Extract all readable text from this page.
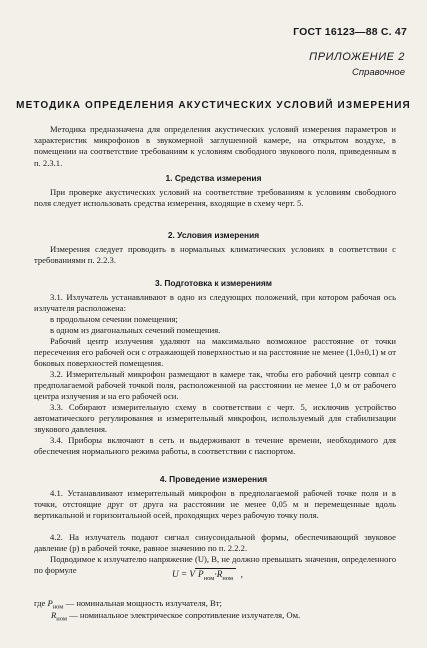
ГОСТ 16123—88 С. 47
ПРИЛОЖЕНИЕ 2
Справочное
МЕТОДИКА ОПРЕДЕЛЕНИЯ АКУСТИЧЕСКИХ УСЛОВИЙ ИЗМЕРЕНИЯ
Методика предназначена для определения акустических условий измерения параметров и характеристик микрофонов в звукомерной заглушенной камере, на открытом воздухе, в помещении на соответствие требованиям к условиям свободного звукового поля, приведенным в п. 2.3.1.
1. Средства измерения
При проверке акустических условий на соответствие требованиям к условиям свободного поля следует использовать средства измерения, входящие в схему черт. 5.
2. Условия измерения
Измерения следует проводить в нормальных климатических условиях в соответствии с требованиями п. 2.2.3.
3. Подготовка к измерениям
3.1. Излучатель устанавливают в одно из следующих положений, при котором рабочая ось излучателя расположена:
в продольном сечении помещения;
в одном из диагональных сечений помещения.
Рабочий центр излучения удаляют на максимально возможное расстояние от точки пересечения его рабочей оси с отражающей поверхностью и на расстояние не менее (1,0±0,1) м от боковых поверхностей помещения.
3.2. Измерительный микрофон размещают в камере так, чтобы его рабочий центр совпал с предполагаемой рабочей точкой поля, расположенной на расстоянии не менее 1,0 м от рабочего центра излучения и на его рабочей оси.
3.3. Собирают измерительную схему в соответствии с черт. 5, исключив устройство автоматического регулирования и измерительный микрофон, используемый для стабилизации звукового давления.
3.4. Приборы включают в сеть и выдерживают в течение времени, необходимого для обеспечения нормального режима работы, в соответствии с паспортом.
4. Проведение измерения
4.1. Устанавливают измерительный микрофон в предполагаемой рабочей точке поля и в точки, отстоящие друг от друга на расстоянии не менее 0,05 м и перемещенные вдоль вертикальной и горизонтальной осей, проходящих через рабочую точку поля.
4.2. На излучатель подают сигнал синусоидальной формы, обеспечивающий звуковое давление (p) в рабочей точке, равное значению по п. 2.2.2.
Подводимое к излучателю напряжение (U), В, не должно превышать значения, определенного по формуле	U = V $P_{ном}\cdot R_{ном}$ ,
где $P_{ном}$ — номинальная мощность излучателя, Вт;
$R_{ном}$ — номинальное электрическое сопротивление излучателя, Ом.
